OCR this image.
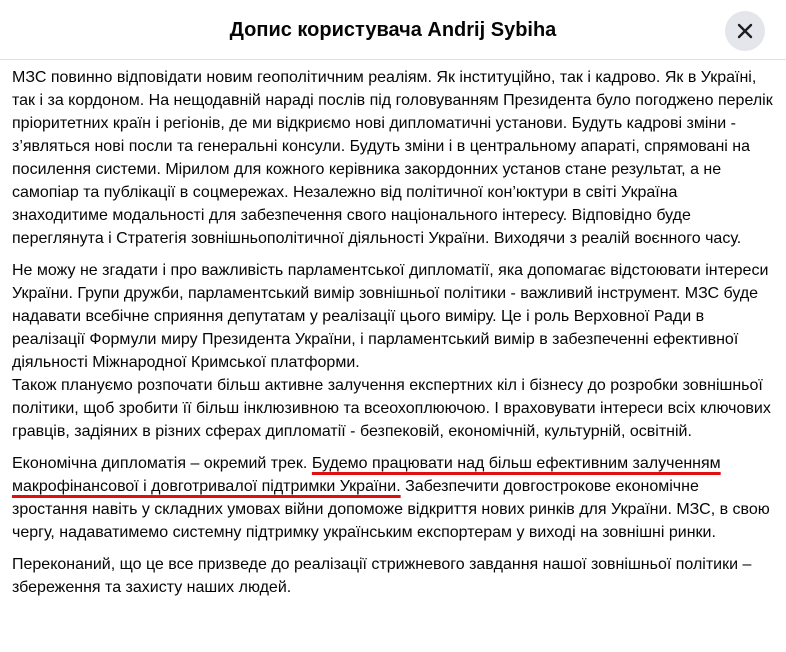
Допис користувача Andrij Sybiha

МЗС повинно відповідати новим геополітичним реаліям. Як інституційно, так і кадрово. Як в Україні, так і за кордоном. На нещодавній нараді послів під головуванням Президента було погоджено перелік пріоритетних країн і регіонів, де ми відкриємо нові дипломатичні установи. Будуть кадрові зміни - з’являться нові посли та генеральні консули. Будуть зміни і в центральному апараті, спрямовані на посилення системи. Мірилом для кожного керівника закордонних установ стане результат, а не самопіар та публікації в соцмережах. Незалежно від політичної кон’юктури в світі Україна знаходитиме модальності для забезпечення свого національного інтересу. Відповідно буде переглянута і Стратегія зовнішньополітичної діяльності України. Виходячи з реалій воєнного часу.

Не можу не згадати і про важливість парламентської дипломатії, яка допомагає відстоювати інтереси України. Групи дружби, парламентський вимір зовнішньої політики - важливий інструмент. МЗС буде надавати всебічне сприяння депутатам у реалізації цього виміру. Це і роль Верховної Ради в реалізації Формули миру Президента України, і парламентський вимір в забезпеченні ефективної діяльності Міжнародної Кримської платформи.
Також плануємо розпочати більш активне залучення експертних кіл і бізнесу до розробки зовнішньої політики, щоб зробити її більш інклюзивною та всеохоплюючою. І враховувати інтереси всіх ключових гравців, задіяних в різних сферах дипломатії - безпековій, економічній, культурній, освітній.

Економічна дипломатія – окремий трек. Будемо працювати над більш ефективним залученням макрофінансової і довготривалої підтримки України. Забезпечити довгострокове економічне зростання навіть у складних умовах війни допоможе відкриття нових ринків для України. МЗС, в свою чергу, надаватимемо системну підтримку українським експортерам у виході на зовнішні ринки.

Переконаний, що це все призведе до реалізації стрижневого завдання нашої зовнішньої політики – збереження та захисту наших людей.
